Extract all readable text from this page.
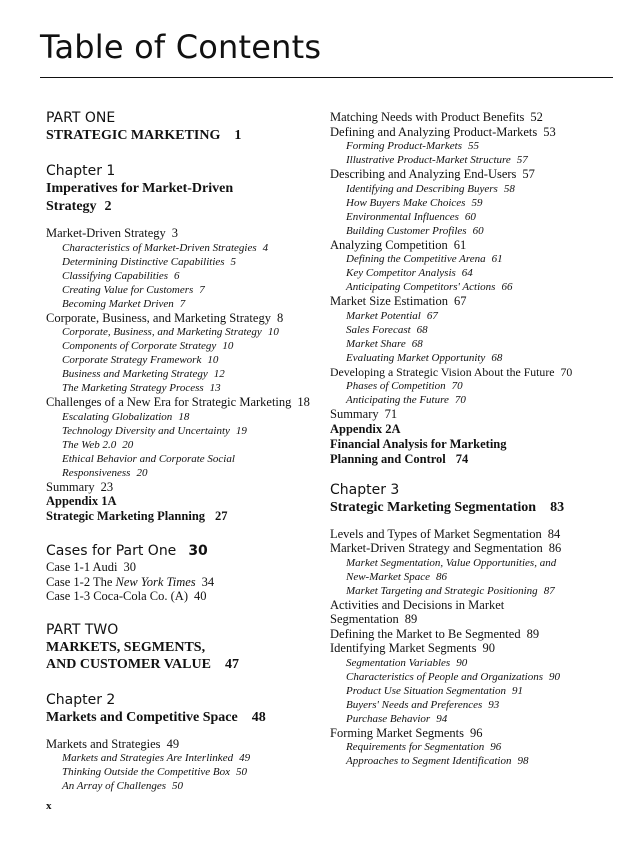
Table of Contents
PART ONE
STRATEGIC MARKETING 1
Chapter 1
Imperatives for Market-Driven
Strategy 2
Market-Driven Strategy 3
Characteristics of Market-Driven Strategies 4
Determining Distinctive Capabilities 5
Classifying Capabilities 6
Creating Value for Customers 7
Becoming Market Driven 7
Corporate, Business, and Marketing Strategy 8
Corporate, Business, and Marketing Strategy 10
Components of Corporate Strategy 10
Corporate Strategy Framework 10
Business and Marketing Strategy 12
The Marketing Strategy Process 13
Challenges of a New Era for Strategic Marketing 18
Escalating Globalization 18
Technology Diversity and Uncertainty 19
The Web 2.0 20
Ethical Behavior and Corporate Social
Responsiveness 20
Summary 23
Appendix 1A
Strategic Marketing Planning 27
Cases for Part One 30
Case 1-1 Audi 30
Case 1-2 The New York Times 34
Case 1-3 Coca-Cola Co. (A) 40
PART TWO
MARKETS, SEGMENTS,
AND CUSTOMER VALUE 47
Chapter 2
Markets and Competitive Space 48
Markets and Strategies 49
Markets and Strategies Are Interlinked 49
Thinking Outside the Competitive Box 50
An Array of Challenges 50
Matching Needs with Product Benefits 52
Defining and Analyzing Product-Markets 53
Forming Product-Markets 55
Illustrative Product-Market Structure 57
Describing and Analyzing End-Users 57
Identifying and Describing Buyers 58
How Buyers Make Choices 59
Environmental Influences 60
Building Customer Profiles 60
Analyzing Competition 61
Defining the Competitive Arena 61
Key Competitor Analysis 64
Anticipating Competitors' Actions 66
Market Size Estimation 67
Market Potential 67
Sales Forecast 68
Market Share 68
Evaluating Market Opportunity 68
Developing a Strategic Vision About the Future 70
Phases of Competition 70
Anticipating the Future 70
Summary 71
Appendix 2A
Financial Analysis for Marketing
Planning and Control 74
Chapter 3
Strategic Marketing Segmentation 83
Levels and Types of Market Segmentation 84
Market-Driven Strategy and Segmentation 86
Market Segmentation, Value Opportunities, and
New-Market Space 86
Market Targeting and Strategic Positioning 87
Activities and Decisions in Market
Segmentation 89
Defining the Market to Be Segmented 89
Identifying Market Segments 90
Segmentation Variables 90
Characteristics of People and Organizations 90
Product Use Situation Segmentation 91
Buyers' Needs and Preferences 93
Purchase Behavior 94
Forming Market Segments 96
Requirements for Segmentation 96
Approaches to Segment Identification 98
x
